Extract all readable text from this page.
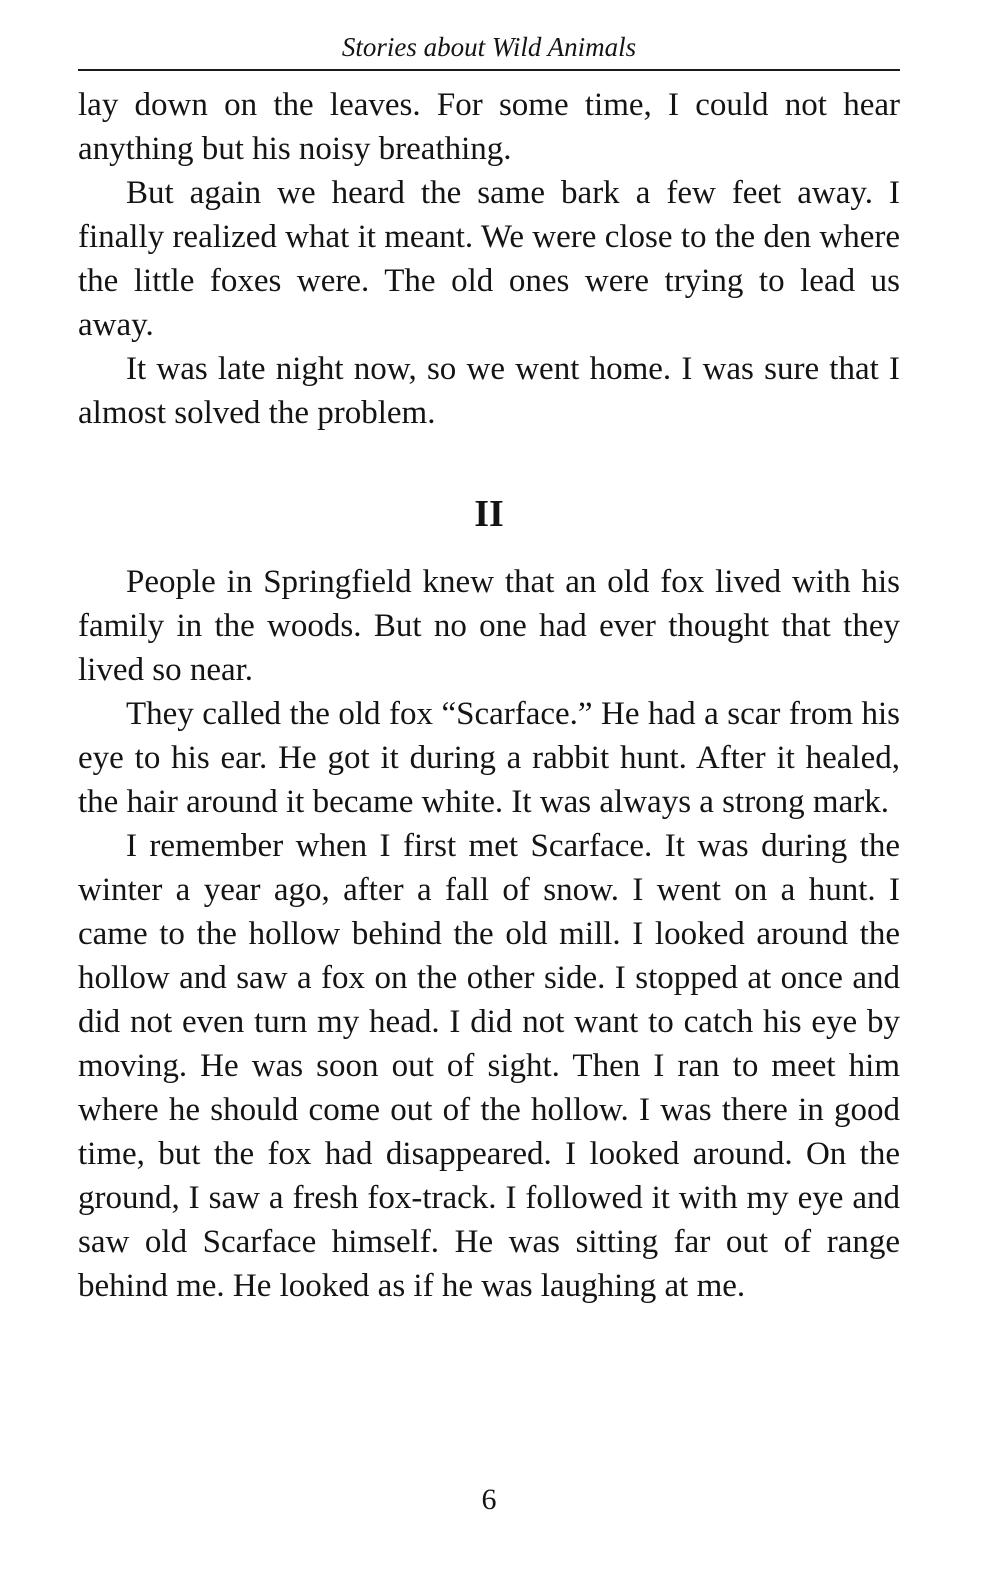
Stories about Wild Animals

lay down on the leaves. For some time, I could not hear anything but his noisy breathing.

But again we heard the same bark a few feet away. I finally realized what it meant. We were close to the den where the little foxes were. The old ones were trying to lead us away.

It was late night now, so we went home. I was sure that I almost solved the problem.

II

People in Springfield knew that an old fox lived with his family in the woods. But no one had ever thought that they lived so near.

They called the old fox “Scarface.” He had a scar from his eye to his ear. He got it during a rabbit hunt. After it healed, the hair around it became white. It was always a strong mark.

I remember when I first met Scarface. It was during the winter a year ago, after a fall of snow. I went on a hunt. I came to the hollow behind the old mill. I looked around the hollow and saw a fox on the other side. I stopped at once and did not even turn my head. I did not want to catch his eye by moving. He was soon out of sight. Then I ran to meet him where he should come out of the hollow. I was there in good time, but the fox had disappeared. I looked around. On the ground, I saw a fresh fox-track. I followed it with my eye and saw old Scarface himself. He was sitting far out of range behind me. He looked as if he was laughing at me.

6
